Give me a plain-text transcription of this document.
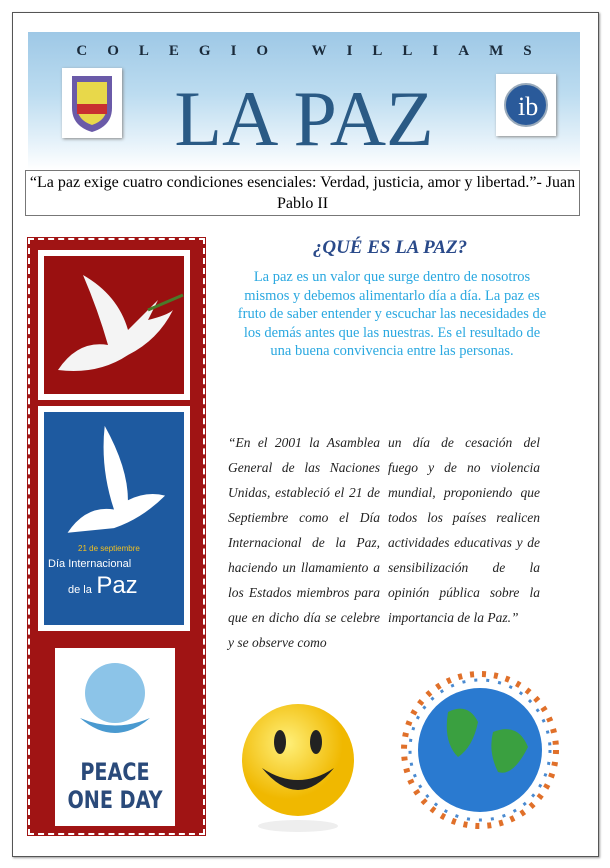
COLEGIO WILLIAMS
LA PAZ	ib
“La paz exige cuatro condiciones esenciales: Verdad, justicia, amor y libertad.”- Juan Pablo II
21 de septiembre
Día Internacional
de la Paz
PEACE
ONE DAY
¿QUÉ ES LA PAZ?
La paz es un valor que surge dentro de nosotros mismos y debemos alimentarlo día a día. La paz es fruto de saber entender y escuchar las necesidades de los demás antes que las nuestras. Es el resultado de una buena convivencia entre las personas.
“En el 2001 la Asamblea General de las Naciones Unidas, estableció el 21 de Septiembre como el Día Internacional de la Paz, haciendo un llamamiento a los Estados miembros para que en dicho día se celebre y se observe como
un día de cesación del fuego y de no violencia mundial, proponiendo que todos los países realicen actividades educativas y de sensibilización de la opinión pública sobre la importancia de la Paz.”
